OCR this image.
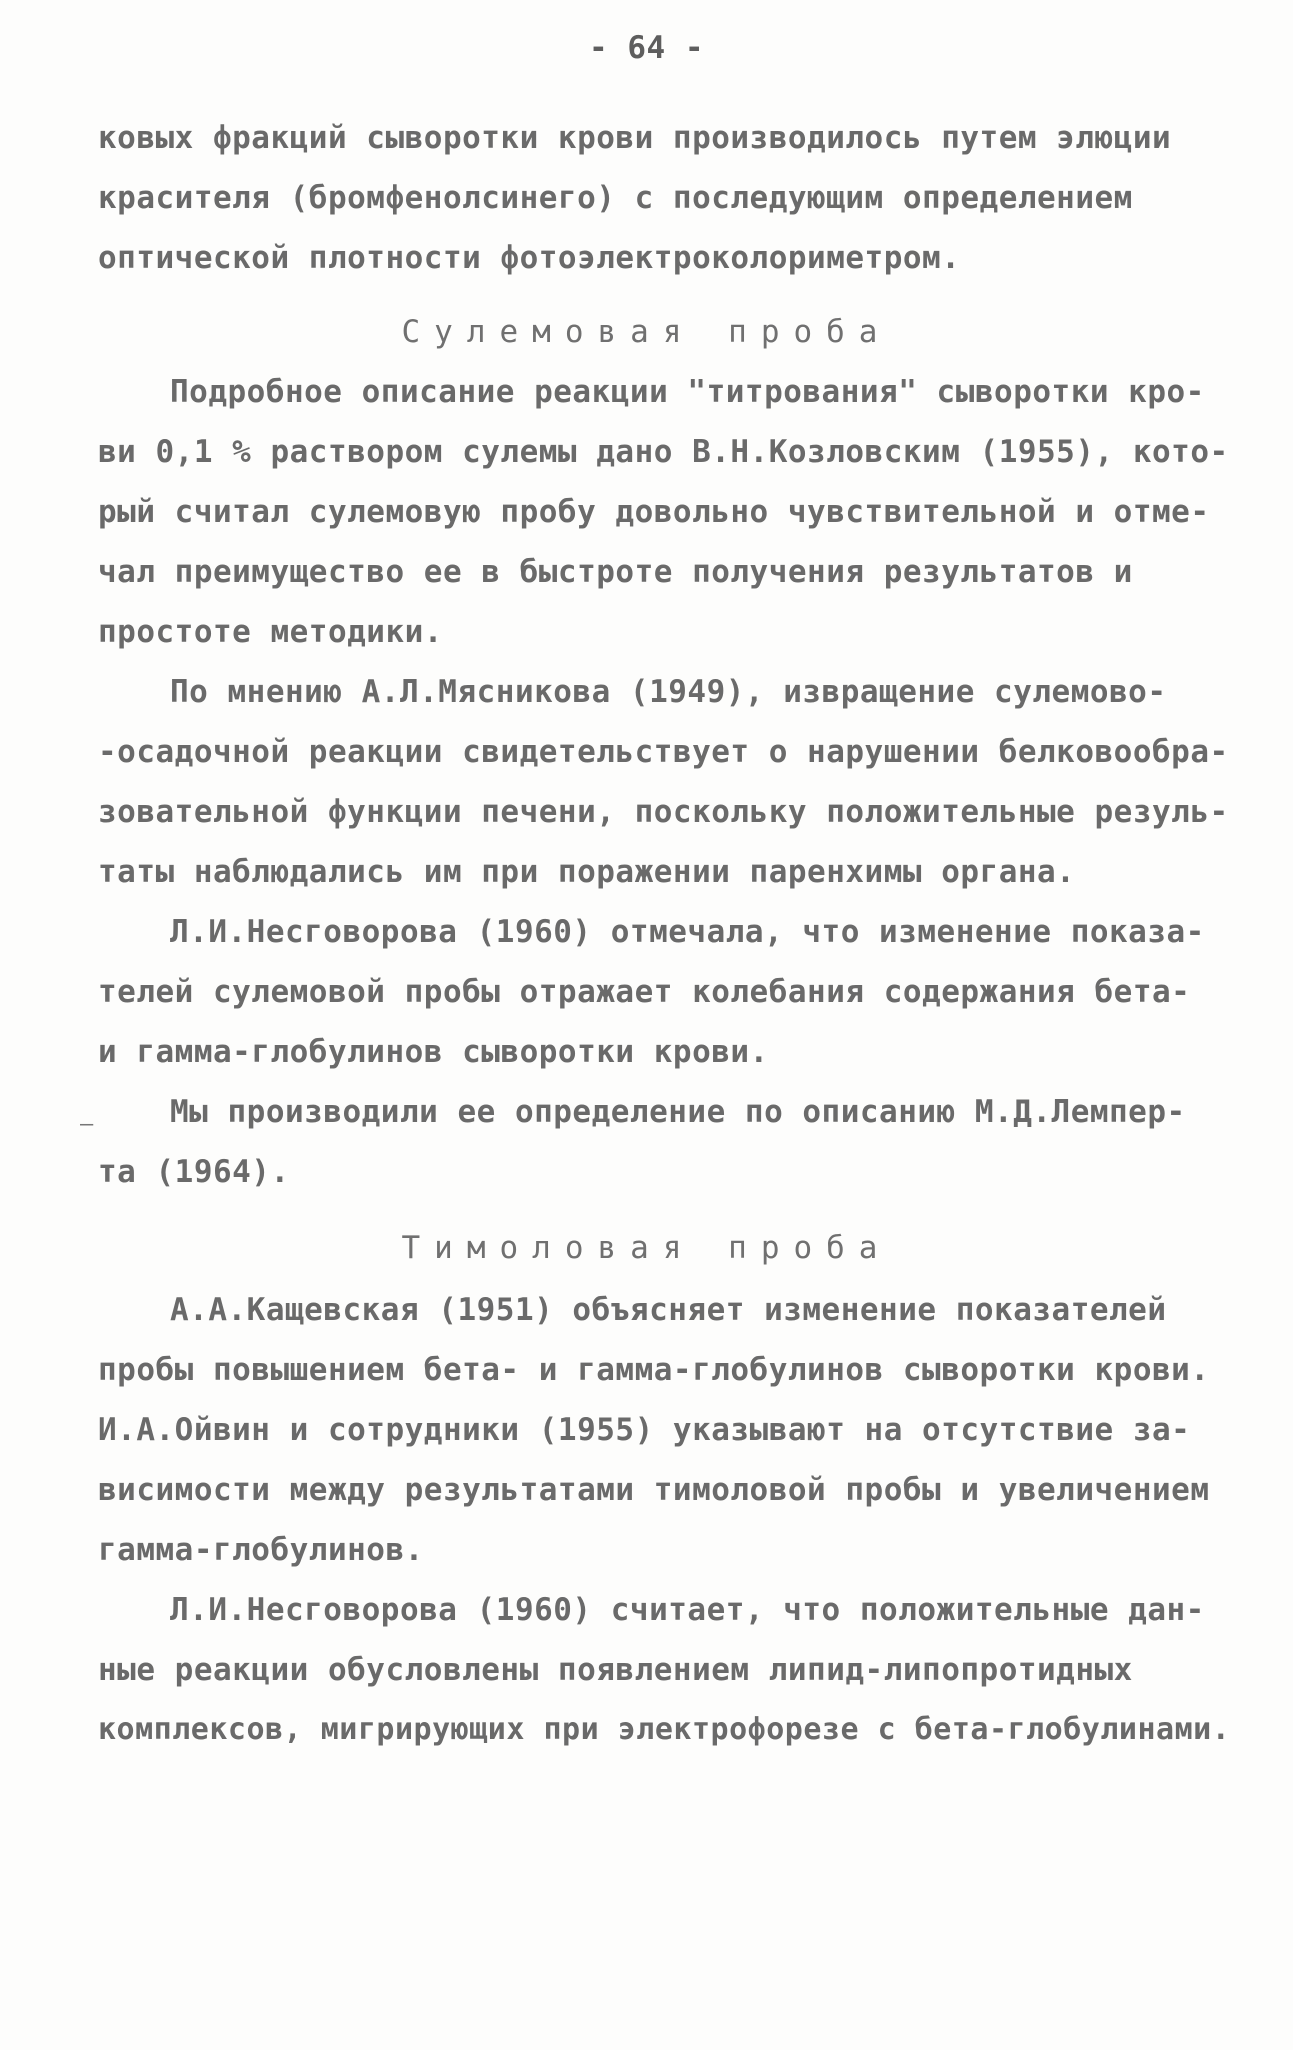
- 64 -
ковых фракций сыворотки крови производилось путем элюции
красителя (бромфенолсинего) с последующим определением
оптической плотности фотоэлектроколориметром.
Сулемовая проба
Подробное описание реакции "титрования" сыворотки кро-
ви 0,1 % раствором сулемы дано В.Н.Козловским (1955), кото-
рый считал сулемовую пробу довольно чувствительной и отме-
чал преимущество ее в быстроте получения результатов и
простоте методики.
По мнению А.Л.Мясникова (1949), извращение сулемово-
-осадочной реакции свидетельствует о нарушении белковообра-
зовательной функции печени, поскольку положительные резуль-
таты наблюдались им при поражении паренхимы органа.
Л.И.Несговорова (1960) отмечала, что изменение показа-
телей сулемовой пробы отражает колебания содержания бета-
и гамма-глобулинов сыворотки крови.
– Мы производили ее определение по описанию М.Д.Лемпер-
та (1964).
Тимоловая проба
А.А.Кащевская (1951) объясняет изменение показателей
пробы повышением бета- и гамма-глобулинов сыворотки крови.
И.А.Ойвин и сотрудники (1955) указывают на отсутствие за-
висимости между результатами тимоловой пробы и увеличением
гамма-глобулинов.
Л.И.Несговорова (1960) считает, что положительные дан-
ные реакции обусловлены появлением липид-липопротидных
комплексов, мигрирующих при электрофорезе с бета-глобулинами.
